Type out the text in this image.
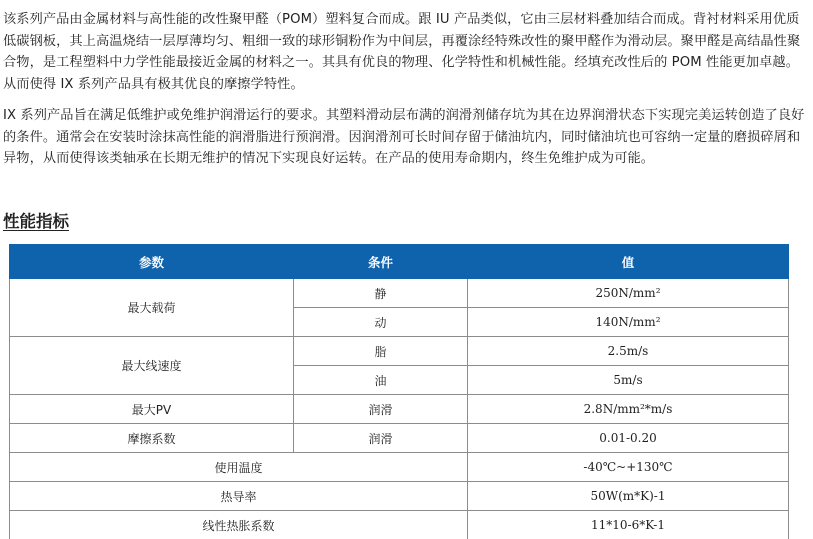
该系列产品由金属材料与高性能的改性聚甲醛（POM）塑料复合而成。跟 IU 产品类似，它由三层材料叠加结合而成。背衬材料采用优质低碳钢板，其上高温烧结一层厚薄均匀、粗细一致的球形铜粉作为中间层，再覆涂经特殊改性的聚甲醛作为滑动层。聚甲醛是高结晶性聚合物，是工程塑料中力学性能最接近金属的材料之一。其具有优良的物理、化学特性和机械性能。经填充改性后的 POM 性能更加卓越。从而使得 IX 系列产品具有极其优良的摩擦学特性。

IX 系列产品旨在满足低维护或免维护润滑运行的要求。其塑料滑动层布满的润滑剂储存坑为其在边界润滑状态下实现完美运转创造了良好的条件。通常会在安装时涂抹高性能的润滑脂进行预润滑。因润滑剂可长时间存留于储油坑内，同时储油坑也可容纳一定量的磨损碎屑和异物，从而使得该类轴承在长期无维护的情况下实现良好运转。在产品的使用寿命期内，终生免维护成为可能。

性能指标
参数	条件	值
最大载荷	静	250N/mm²
	动	140N/mm²
最大线速度	脂	2.5m/s
	油	5m/s
最大PV	润滑	2.8N/mm²*m/s
摩擦系数	润滑	0.01-0.20
使用温度		-40℃~+130℃
热导率		50W(m*K)-1
线性热胀系数		11*10-6*K-1
